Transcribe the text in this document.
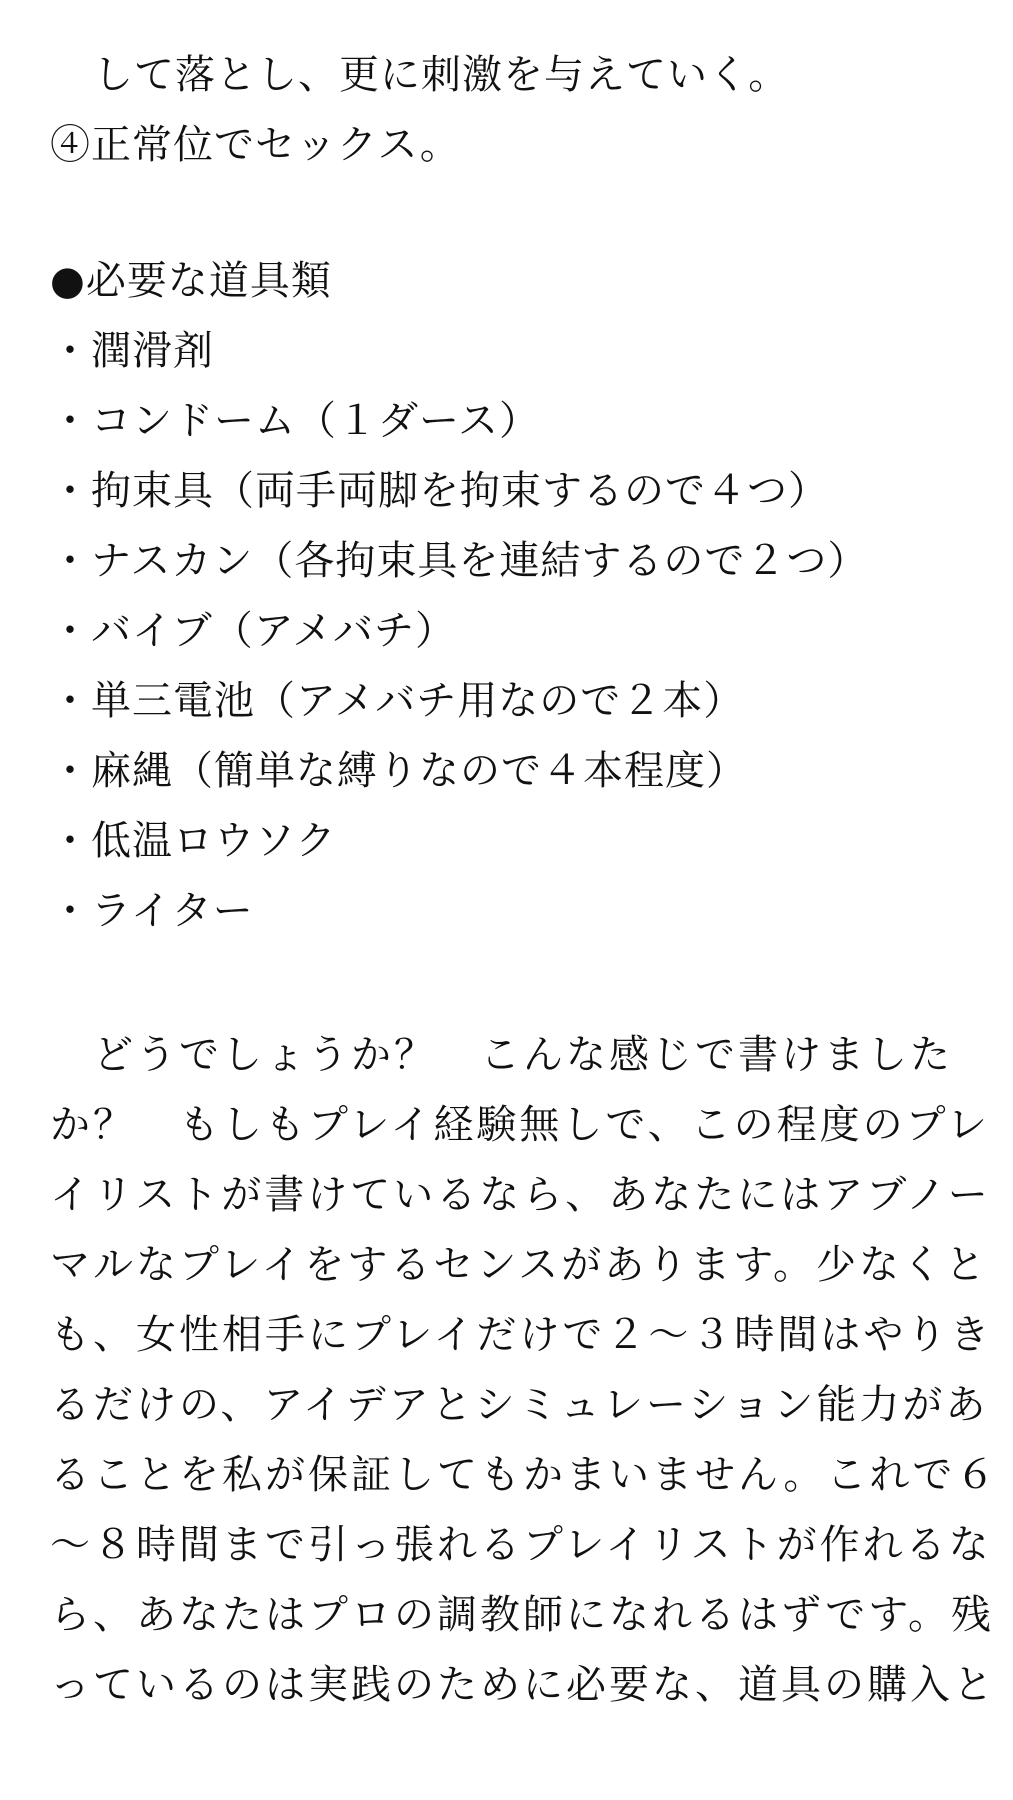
して落とし、更に刺激を与えていく。
④正常位でセックス。
●必要な道具類
・潤滑剤
・コンドーム（１ダース）
・拘束具（両手両脚を拘束するので４つ）
・ナスカン（各拘束具を連結するので２つ）
・バイブ（アメバチ）
・単三電池（アメバチ用なので２本）
・麻縄（簡単な縛りなので４本程度）
・低温ロウソク
・ライター
どうでしょうか？　こんな感じで書けました
か？　もしもプレイ経験無しで、この程度のプレ
イリストが書けているなら、あなたにはアブノー
マルなプレイをするセンスがあります。少なくと
も、女性相手にプレイだけで２～３時間はやりき
るだけの、アイデアとシミュレーション能力があ
ることを私が保証してもかまいません。これで６
～８時間まで引っ張れるプレイリストが作れるな
ら、あなたはプロの調教師になれるはずです。残
っているのは実践のために必要な、道具の購入と
